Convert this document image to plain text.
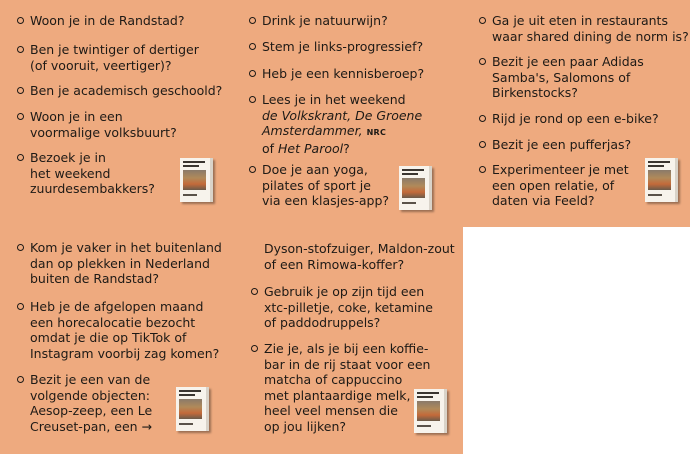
Woon je in de Randstad?
Ben je twintiger of dertiger
(of vooruit, veertiger)?
Ben je academisch geschoold?
Woon je in een
voormalige volksbuurt?
Bezoek je in
het weekend
zuurdesembakkers?
Drink je natuurwijn?
Stem je links-progressief?
Heb je een kennisberoep?
Lees je in het weekend
de Volkskrant, De Groene
Amsterdammer, NRC
of Het Parool?
Doe je aan yoga,
pilates of sport je
via een klasjes-app?
Ga je uit eten in restaurants
waar shared dining de norm is?
Bezit je een paar Adidas
Samba's, Salomons of
Birkenstocks?
Rijd je rond op een e-bike?
Bezit je een pufferjas?
Experimenteer je met
een open relatie, of
daten via Feeld?
Kom je vaker in het buitenland
dan op plekken in Nederland
buiten de Randstad?
Heb je de afgelopen maand
een horecalocatie bezocht
omdat je die op TikTok of
Instagram voorbij zag komen?
Bezit je een van de
volgende objecten:
Aesop-zeep, een Le
Creuset-pan, een →
Dyson-stofzuiger, Maldon-zout
of een Rimowa-koffer?
Gebruik je op zijn tijd een
xtc-pilletje, coke, ketamine
of paddodruppels?
Zie je, als je bij een koffie-
bar in de rij staat voor een
matcha of cappuccino
met plantaardige melk,
heel veel mensen die
op jou lijken?
